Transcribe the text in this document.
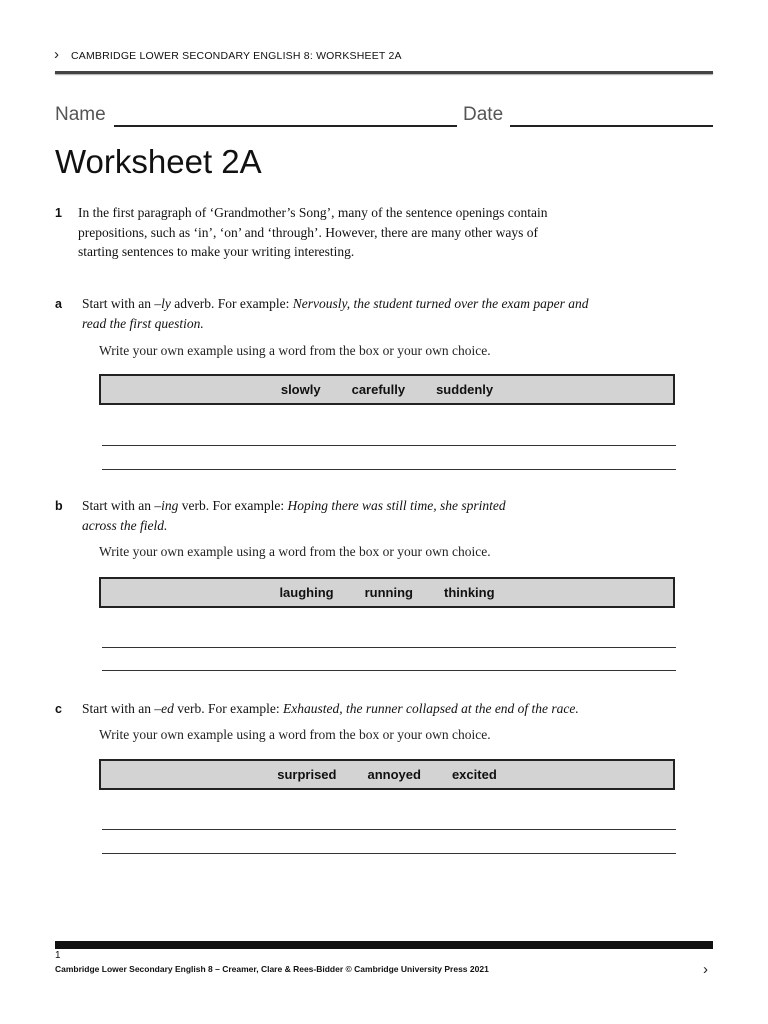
› CAMBRIDGE LOWER SECONDARY ENGLISH 8: WORKSHEET 2A
Name	Date
Worksheet 2A
1 In the first paragraph of ‘Grandmother’s Song’, many of the sentence openings contain
prepositions, such as ‘in’, ‘on’ and ‘through’. However, there are many other ways of
starting sentences to make your writing interesting.
a Start with an –ly adverb. For example: Nervously, the student turned over the exam paper and
read the first question.
Write your own example using a word from the box or your own choice.
slowly carefully suddenly
b Start with an –ing verb. For example: Hoping there was still time, she sprinted
across the field.
Write your own example using a word from the box or your own choice.
laughing running thinking
c Start with an –ed verb. For example: Exhausted, the runner collapsed at the end of the race.
Write your own example using a word from the box or your own choice.
surprised annoyed excited
1
Cambridge Lower Secondary English 8 – Creamer, Clare & Rees-Bidder © Cambridge University Press 2021	›
